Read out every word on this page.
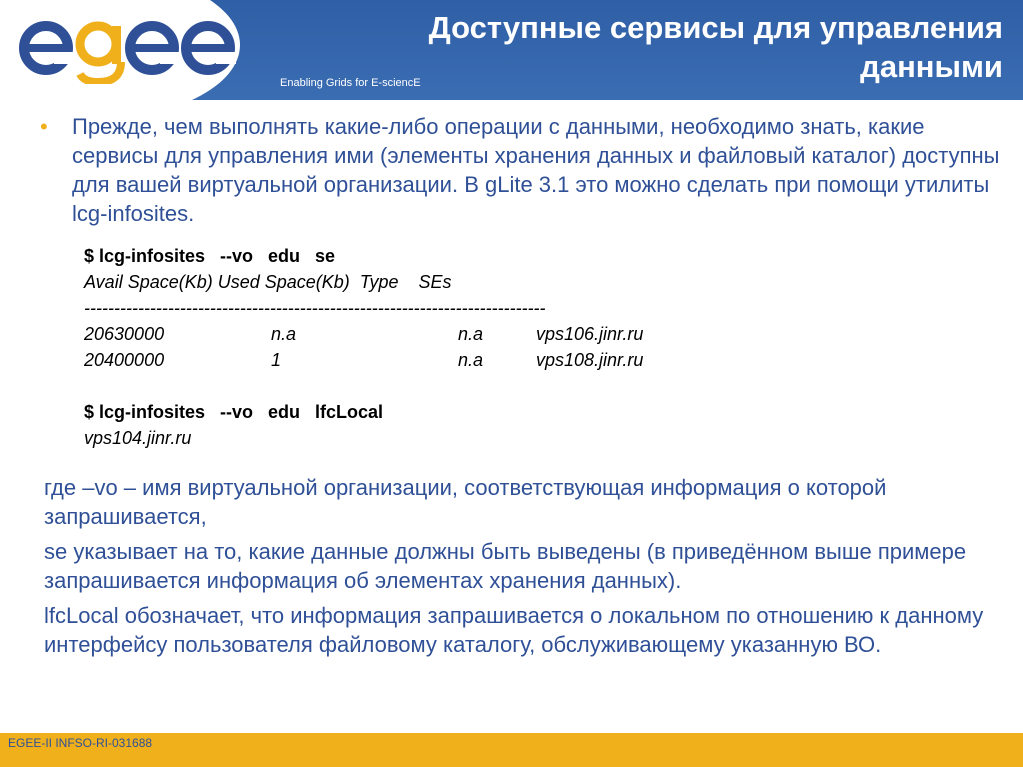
Enabling Grids for E-sciencE
Доступные сервисы для управления
данными
• Прежде, чем выполнять какие-либо операции с данными, необходимо знать, какие сервисы для управления ими (элементы хранения данных и файловый каталог) доступны для вашей виртуальной организации. В gLite 3.1 это можно сделать при помощи утилиты lcg-infosites.
$ lcg-infosites   --vo   edu   se
Avail Space(Kb) Used Space(Kb)  Type    SEs
-----------------------------------------------------------------------------
20630000	n.a	n.a	vps106.jinr.ru
20400000	1	n.a	vps108.jinr.ru
$ lcg-infosites   --vo   edu   lfcLocal
vps104.jinr.ru

где –vo – имя виртуальной организации, соответствующая информация о которой запрашивается,

se указывает на то, какие данные должны быть выведены (в приведённом выше примере запрашивается информация об элементах хранения данных).

lfcLocal обозначает, что информация запрашивается о локальном по отношению к данному интерфейсу пользователя файловому каталогу, обслуживающему указанную ВО.

EGEE-II INFSO-RI-031688
